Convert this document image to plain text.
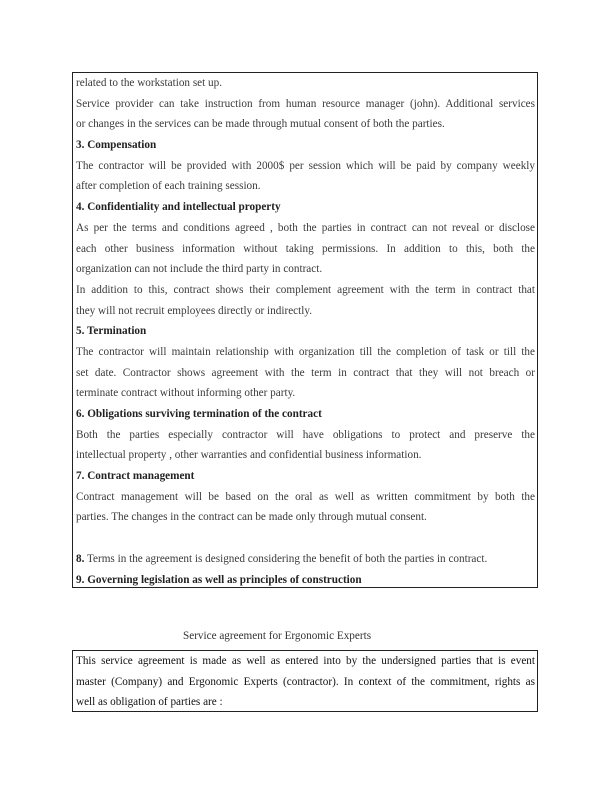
related to the workstation set up.
Service provider can take instruction from human resource manager (john). Additional services
or changes in the services can be made through mutual consent of both the parties.
3. Compensation
The contractor will be provided with 2000$ per session which will be paid by company weekly
after completion of each training session.
4. Confidentiality and intellectual property
As per the terms and conditions agreed , both the parties in contract can not reveal or disclose
each other business information without taking permissions. In addition to this, both the
organization can not include the third party in contract.
In addition to this, contract shows their complement agreement with the term in contract that
they will not recruit employees directly or indirectly.
5. Termination
The contractor will maintain relationship with organization till the completion of task or till the
set date. Contractor shows agreement with the term in contract that they will not breach or
terminate contract without informing other party.
6. Obligations surviving termination of the contract
Both the parties especially contractor will have obligations to protect and preserve the
intellectual property , other warranties and confidential business information.
7. Contract management
Contract management will be based on the oral as well as written commitment by both the
parties. The changes in the contract can be made only through mutual consent.
8. Terms in the agreement is designed considering the benefit of both the parties in contract.
9. Governing legislation as well as principles of construction
Service agreement for Ergonomic Experts
This service agreement is made as well as entered into by the undersigned parties that is event
master (Company) and Ergonomic Experts (contractor). In context of the commitment, rights as
well as obligation of parties are :
